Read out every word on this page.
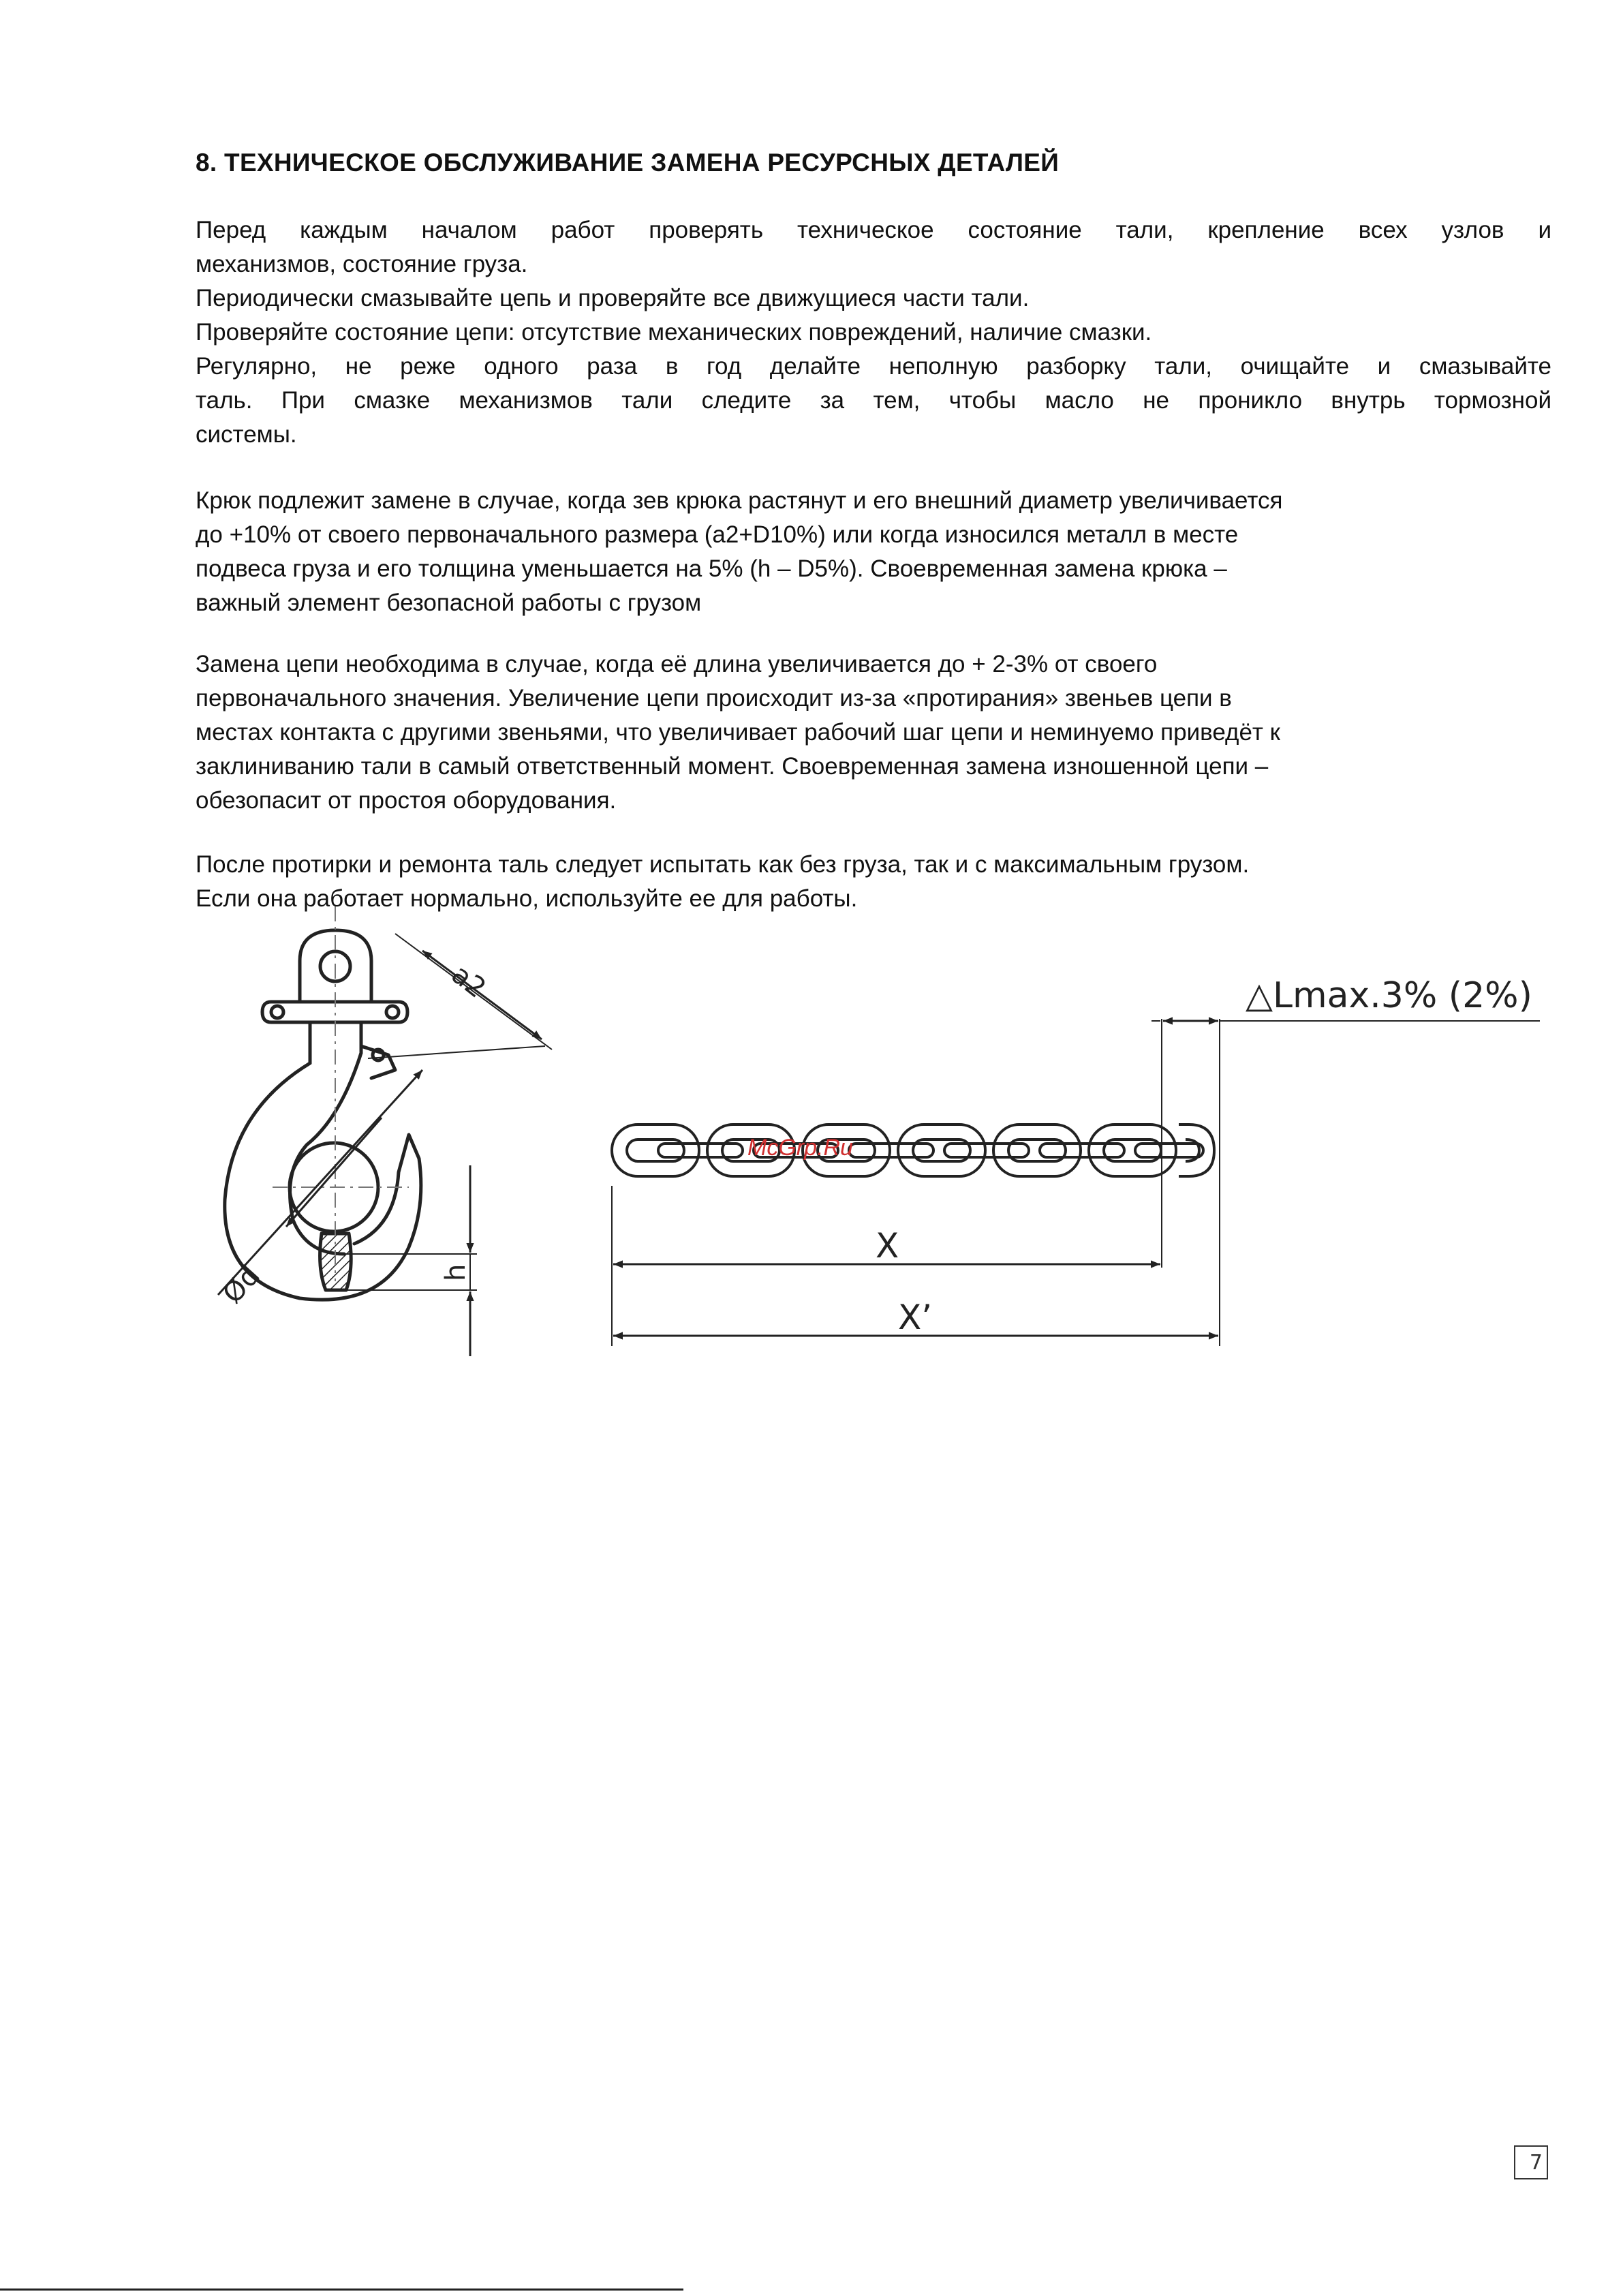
8. ТЕХНИЧЕСКОЕ ОБСЛУЖИВАНИЕ ЗАМЕНА РЕСУРСНЫХ ДЕТАЛЕЙ
Перед каждым началом работ проверять техническое состояние тали, крепление всех узлов и
механизмов, состояние груза.
Периодически смазывайте цепь и проверяйте все движущиеся части тали.
Проверяйте состояние цепи: отсутствие механических повреждений, наличие смазки.
Регулярно, не реже одного раза в год делайте неполную разборку тали, очищайте и смазывайте
таль. При смазке механизмов тали следите за тем, чтобы масло не проникло внутрь тормозной
системы.
Крюк подлежит замене в случае, когда зев крюка растянут и его внешний диаметр увеличивается
до +10% от своего первоначального размера (а2+D10%) или когда износился металл в месте
подвеса груза и его толщина уменьшается на 5% (h – D5%). Своевременная замена крюка –
важный элемент безопасной работы с грузом
Замена цепи необходима в случае, когда её длина увеличивается до + 2-3% от своего
первоначального значения. Увеличение цепи происходит из-за «протирания» звеньев цепи в
местах контакта с другими звеньями, что увеличивает рабочий шаг цепи и неминуемо приведёт к
заклиниванию тали в самый ответственный момент. Своевременная замена изношенной цепи –
обезопасит от простоя оборудования.
После протирки и ремонта таль следует испытать как без груза, так и с максимальным грузом.
Если она работает нормально, используйте ее для работы.
a2
Ød	h
△Lmax.3% (2%)
X
X’
McGrp.Ru
7
